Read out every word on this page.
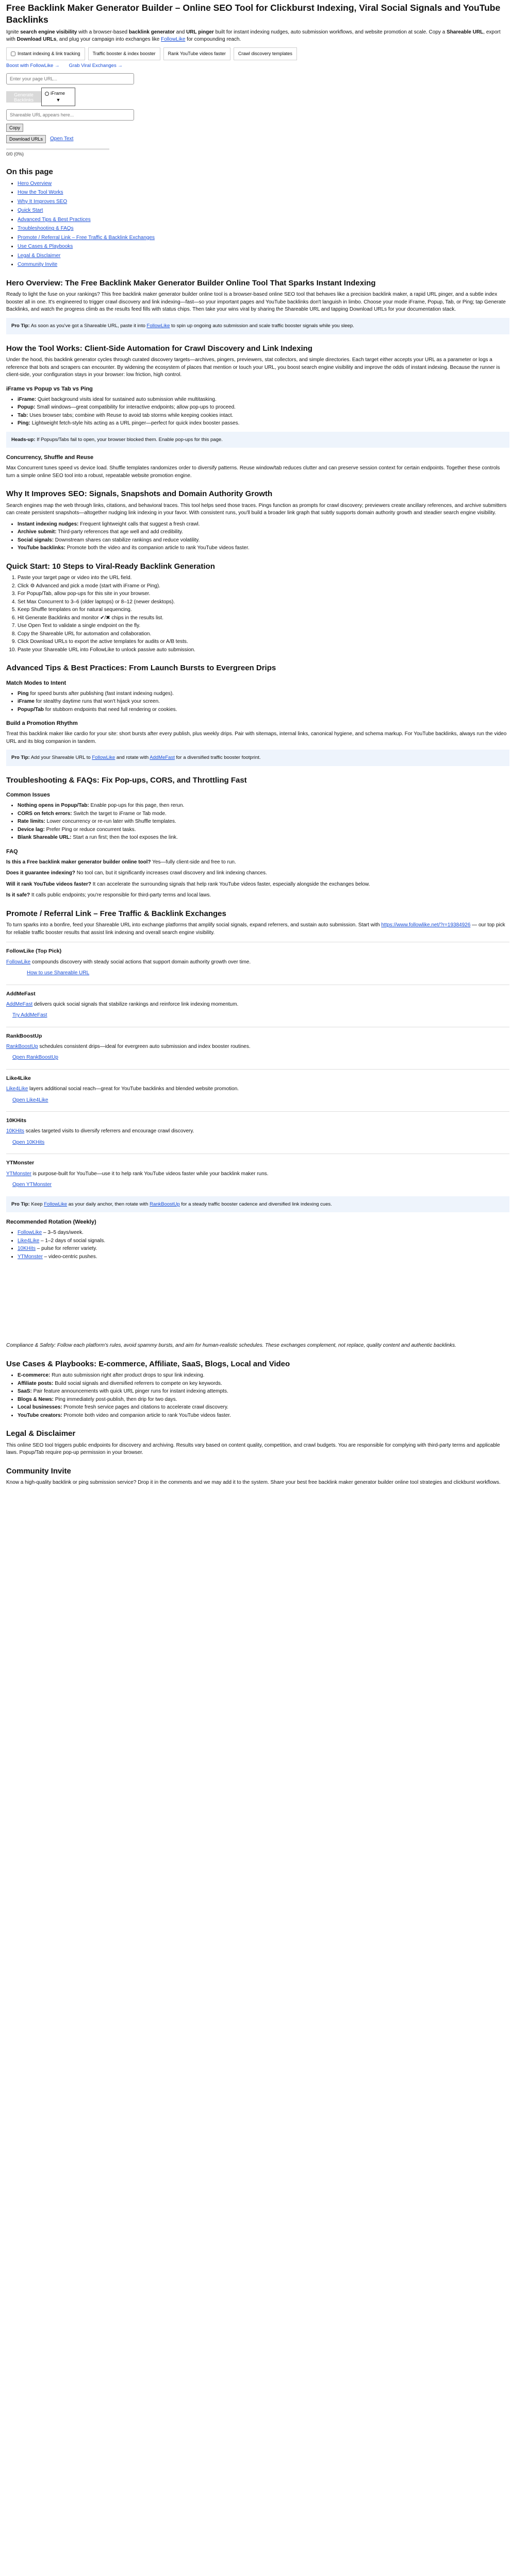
Free Backlink Maker Generator Builder – Online SEO Tool for Clickburst Indexing, Viral Social Signals and YouTube Backlinks

Ignite search engine visibility with a browser-based backlink generator and URL pinger built for instant indexing nudges, auto submission workflows, and website promotion at scale. Copy a Shareable URL, export with Download URLs, and plug your campaign into exchanges like FollowLike for compounding reach.

Instant indexing & link tracking	Traffic booster & index booster	Rank YouTube videos faster	Crawl discovery templates
Boost with FollowLike → Grab Viral Exchanges →
Enter your page URL...
Generate Backlinks
iFrame
▼
Shareable URL appears here...
Copy
Download URLs	Open Text
0/0 (0%)
On this page
• Hero Overview
• How the Tool Works
• Why It Improves SEO
• Quick Start
• Advanced Tips & Best Practices
• Troubleshooting & FAQs
• Promote / Referral Link – Free Traffic & Backlink Exchanges
• Use Cases & Playbooks
• Legal & Disclaimer
• Community Invite
Hero Overview: The Free Backlink Maker Generator Builder Online Tool That Sparks Instant Indexing

Ready to light the fuse on your rankings? This free backlink maker generator builder online tool is a browser-based online SEO tool that behaves like a precision backlink maker, a rapid URL pinger, and a subtle index booster all in one. It's engineered to trigger crawl discovery and link indexing—fast—so your important pages and YouTube backlinks don't languish in limbo. Choose your mode iFrame, Popup, Tab, or Ping; tap Generate Backlinks, and watch the progress climb as the results feed fills with status chips. Then take your wins viral by sharing the Shareable URL and tapping Download URLs for your documentation stack.

Pro Tip: As soon as you've got a Shareable URL, paste it into FollowLike to spin up ongoing auto submission and scale traffic booster signals while you sleep.
How the Tool Works: Client-Side Automation for Crawl Discovery and Link Indexing

Under the hood, this backlink generator cycles through curated discovery targets—archives, pingers, previewers, stat collectors, and simple directories. Each target either accepts your URL as a parameter or logs a reference that bots and scrapers can encounter. By widening the ecosystem of places that mention or touch your URL, you boost search engine visibility and improve the odds of instant indexing. Because the runner is client-side, your configuration stays in your browser: low friction, high control.

iFrame vs Popup vs Tab vs Ping
• iFrame: Quiet background visits ideal for sustained auto submission while multitasking.
• Popup: Small windows—great compatibility for interactive endpoints; allow pop-ups to proceed.
• Tab: Uses browser tabs; combine with Reuse to avoid tab storms while keeping cookies intact.
• Ping: Lightweight fetch-style hits acting as a URL pinger—perfect for quick index booster passes.
Heads-up: If Popups/Tabs fail to open, your browser blocked them. Enable pop-ups for this page.
Concurrency, Shuffle and Reuse

Max Concurrent tunes speed vs device load. Shuffle templates randomizes order to diversify patterns. Reuse window/tab reduces clutter and can preserve session context for certain endpoints. Together these controls turn a simple online SEO tool into a robust, repeatable website promotion engine.

Why It Improves SEO: Signals, Snapshots and Domain Authority Growth

Search engines map the web through links, citations, and behavioral traces. This tool helps seed those traces. Pings function as prompts for crawl discovery; previewers create ancillary references, and archive submitters can create persistent snapshots—altogether nudging link indexing in your favor. With consistent runs, you'll build a broader link graph that subtly supports domain authority growth and steadier search engine visibility.

• Instant indexing nudges: Frequent lightweight calls that suggest a fresh crawl.
• Archive submit: Third-party references that age well and add credibility.
• Social signals: Downstream shares can stabilize rankings and reduce volatility.
• YouTube backlinks: Promote both the video and its companion article to rank YouTube videos faster.
Quick Start: 10 Steps to Viral-Ready Backlink Generation
1. Paste your target page or video into the URL field.
2. Click ⚙ Advanced and pick a mode (start with iFrame or Ping).
3. For Popup/Tab, allow pop-ups for this site in your browser.
4. Set Max Concurrent to 3–6 (older laptops) or 8–12 (newer desktops).
5. Keep Shuffle templates on for natural sequencing.
6. Hit Generate Backlinks and monitor ✔/✖ chips in the results list.
7. Use Open Text to validate a single endpoint on the fly.
8. Copy the Shareable URL for automation and collaboration.
9. Click Download URLs to export the active templates for audits or A/B tests.
10. Paste your Shareable URL into FollowLike to unlock passive auto submission.
Advanced Tips & Best Practices: From Launch Bursts to Evergreen Drips
Match Modes to Intent
• Ping for speed bursts after publishing (fast instant indexing nudges).
• iFrame for stealthy daytime runs that won't hijack your screen.
• Popup/Tab for stubborn endpoints that need full rendering or cookies.
Build a Promotion Rhythm

Treat this backlink maker like cardio for your site: short bursts after every publish, plus weekly drips. Pair with sitemaps, internal links, canonical hygiene, and schema markup. For YouTube backlinks, always run the video URL and its blog companion in tandem.

Pro Tip: Add your Shareable URL to FollowLike and rotate with AddMeFast for a diversified traffic booster footprint.
Troubleshooting & FAQs: Fix Pop-ups, CORS, and Throttling Fast
Common Issues
• Nothing opens in Popup/Tab: Enable pop-ups for this page, then rerun.
• CORS on fetch errors: Switch the target to iFrame or Tab mode.
• Rate limits: Lower concurrency or re-run later with Shuffle templates.
• Device lag: Prefer Ping or reduce concurrent tasks.
• Blank Shareable URL: Start a run first; then the tool exposes the link.
FAQ

Is this a Free backlink maker generator builder online tool? Yes—fully client-side and free to run.

Does it guarantee indexing? No tool can, but it significantly increases crawl discovery and link indexing chances.

Will it rank YouTube videos faster? It can accelerate the surrounding signals that help rank YouTube videos faster, especially alongside the exchanges below.

Is it safe? It calls public endpoints; you're responsible for third-party terms and local laws.

Promote / Referral Link – Free Traffic & Backlink Exchanges

To turn sparks into a bonfire, feed your Shareable URL into exchange platforms that amplify social signals, expand referrers, and sustain auto submission. Start with https://www.followlike.net/?r=19384926 — our top pick for reliable traffic booster results that assist link indexing and overall search engine visibility.

FollowLike (Top Pick)

FollowLike compounds discovery with steady social actions that support domain authority growth over time.

How to use Shareable URL
AddMeFast

AddMeFast delivers quick social signals that stabilize rankings and reinforce link indexing momentum.

Try AddMeFast
RankBoostUp

RankBoostUp schedules consistent drips—ideal for evergreen auto submission and index booster routines.

Open RankBoostUp
Like4Like

Like4Like layers additional social reach—great for YouTube backlinks and blended website promotion.

Open Like4Like
10KHits

10KHits scales targeted visits to diversify referrers and encourage crawl discovery.

Open 10KHits
YTMonster

YTMonster is purpose-built for YouTube—use it to help rank YouTube videos faster while your backlink maker runs.

Open YTMonster
Pro Tip: Keep FollowLike as your daily anchor, then rotate with RankBoostUp for a steady traffic booster cadence and diversified link indexing cues.
Recommended Rotation (Weekly)
• FollowLike – 3–5 days/week.
• Like4Like – 1–2 days of social signals.
• 10KHits – pulse for referrer variety.
• YTMonster – video-centric pushes.

Compliance & Safety: Follow each platform's rules, avoid spammy bursts, and aim for human-realistic schedules. These exchanges complement, not replace, quality content and authentic backlinks.

Use Cases & Playbooks: E-commerce, Affiliate, SaaS, Blogs, Local and Video
• E-commerce: Run auto submission right after product drops to spur link indexing.
• Affiliate posts: Build social signals and diversified referrers to compete on key keywords.
• SaaS: Pair feature announcements with quick URL pinger runs for instant indexing attempts.
• Blogs & News: Ping immediately post-publish, then drip for two days.
• Local businesses: Promote fresh service pages and citations to accelerate crawl discovery.
• YouTube creators: Promote both video and companion article to rank YouTube videos faster.
Legal & Disclaimer

This online SEO tool triggers public endpoints for discovery and archiving. Results vary based on content quality, competition, and crawl budgets. You are responsible for complying with third-party terms and applicable laws. Popup/Tab require pop-up permission in your browser.

Community Invite

Know a high-quality backlink or ping submission service? Drop it in the comments and we may add it to the system. Share your best free backlink maker generator builder online tool strategies and clickburst workflows.
